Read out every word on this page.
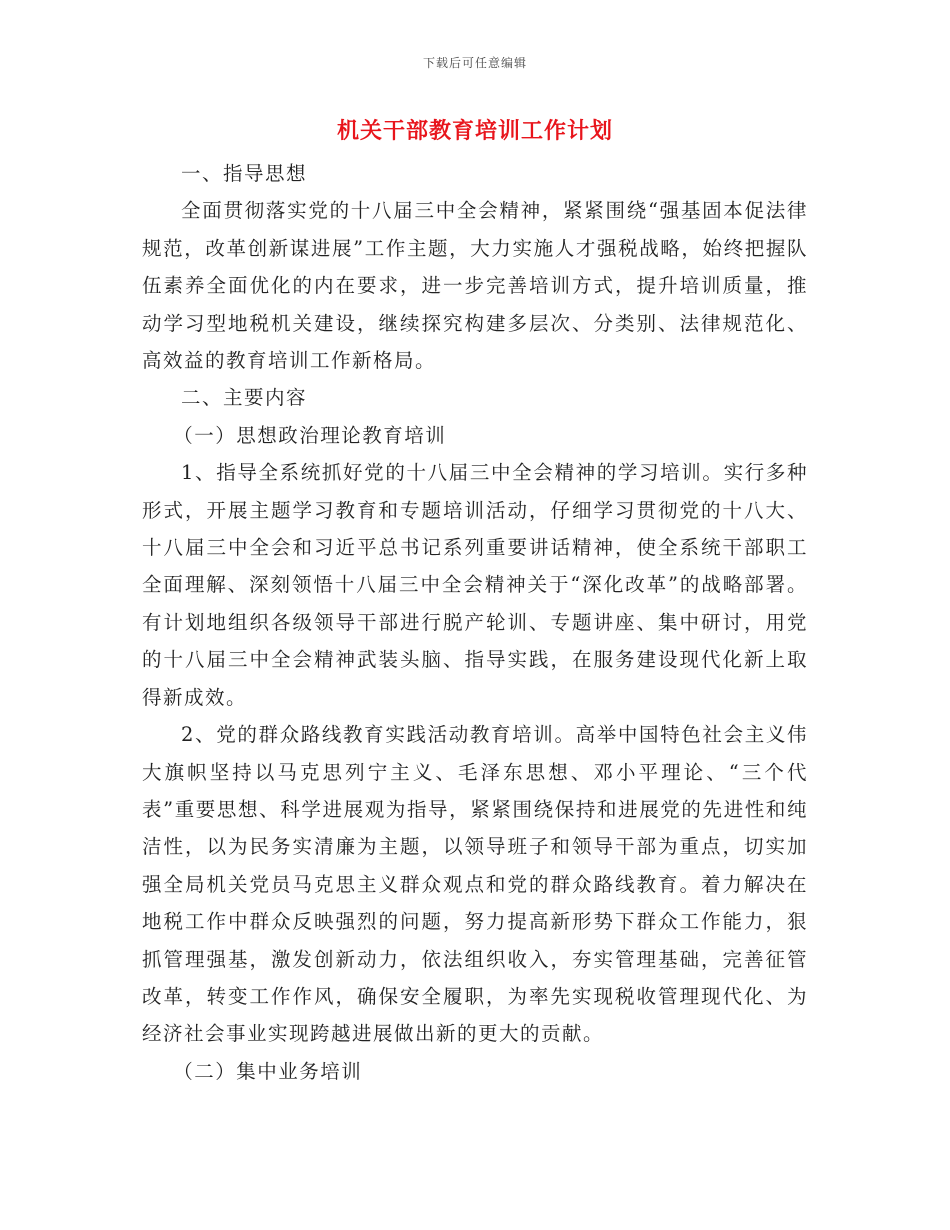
下载后可任意编辑
机关干部教育培训工作计划

一、指导思想

全面贯彻落实党的十八届三中全会精神，紧紧围绕“强基固本促法律规范，改革创新谋进展”工作主题，大力实施人才强税战略，始终把握队伍素养全面优化的内在要求，进一步完善培训方式，提升培训质量，推动学习型地税机关建设，继续探究构建多层次、分类别、法律规范化、高效益的教育培训工作新格局。

二、主要内容

（一）思想政治理论教育培训

1、指导全系统抓好党的十八届三中全会精神的学习培训。实行多种形式，开展主题学习教育和专题培训活动，仔细学习贯彻党的十八大、十八届三中全会和习近平总书记系列重要讲话精神，使全系统干部职工全面理解、深刻领悟十八届三中全会精神关于“深化改革”的战略部署。有计划地组织各级领导干部进行脱产轮训、专题讲座、集中研讨，用党的十八届三中全会精神武装头脑、指导实践，在服务建设现代化新上取得新成效。

2、党的群众路线教育实践活动教育培训。高举中国特色社会主义伟大旗帜坚持以马克思列宁主义、毛泽东思想、邓小平理论、“三个代表”重要思想、科学进展观为指导，紧紧围绕保持和进展党的先进性和纯洁性，以为民务实清廉为主题，以领导班子和领导干部为重点，切实加强全局机关党员马克思主义群众观点和党的群众路线教育。着力解决在地税工作中群众反映强烈的问题，努力提高新形势下群众工作能力，狠抓管理强基，激发创新动力，依法组织收入，夯实管理基础，完善征管改革，转变工作作风，确保安全履职，为率先实现税收管理现代化、为经济社会事业实现跨越进展做出新的更大的贡献。

（二）集中业务培训
